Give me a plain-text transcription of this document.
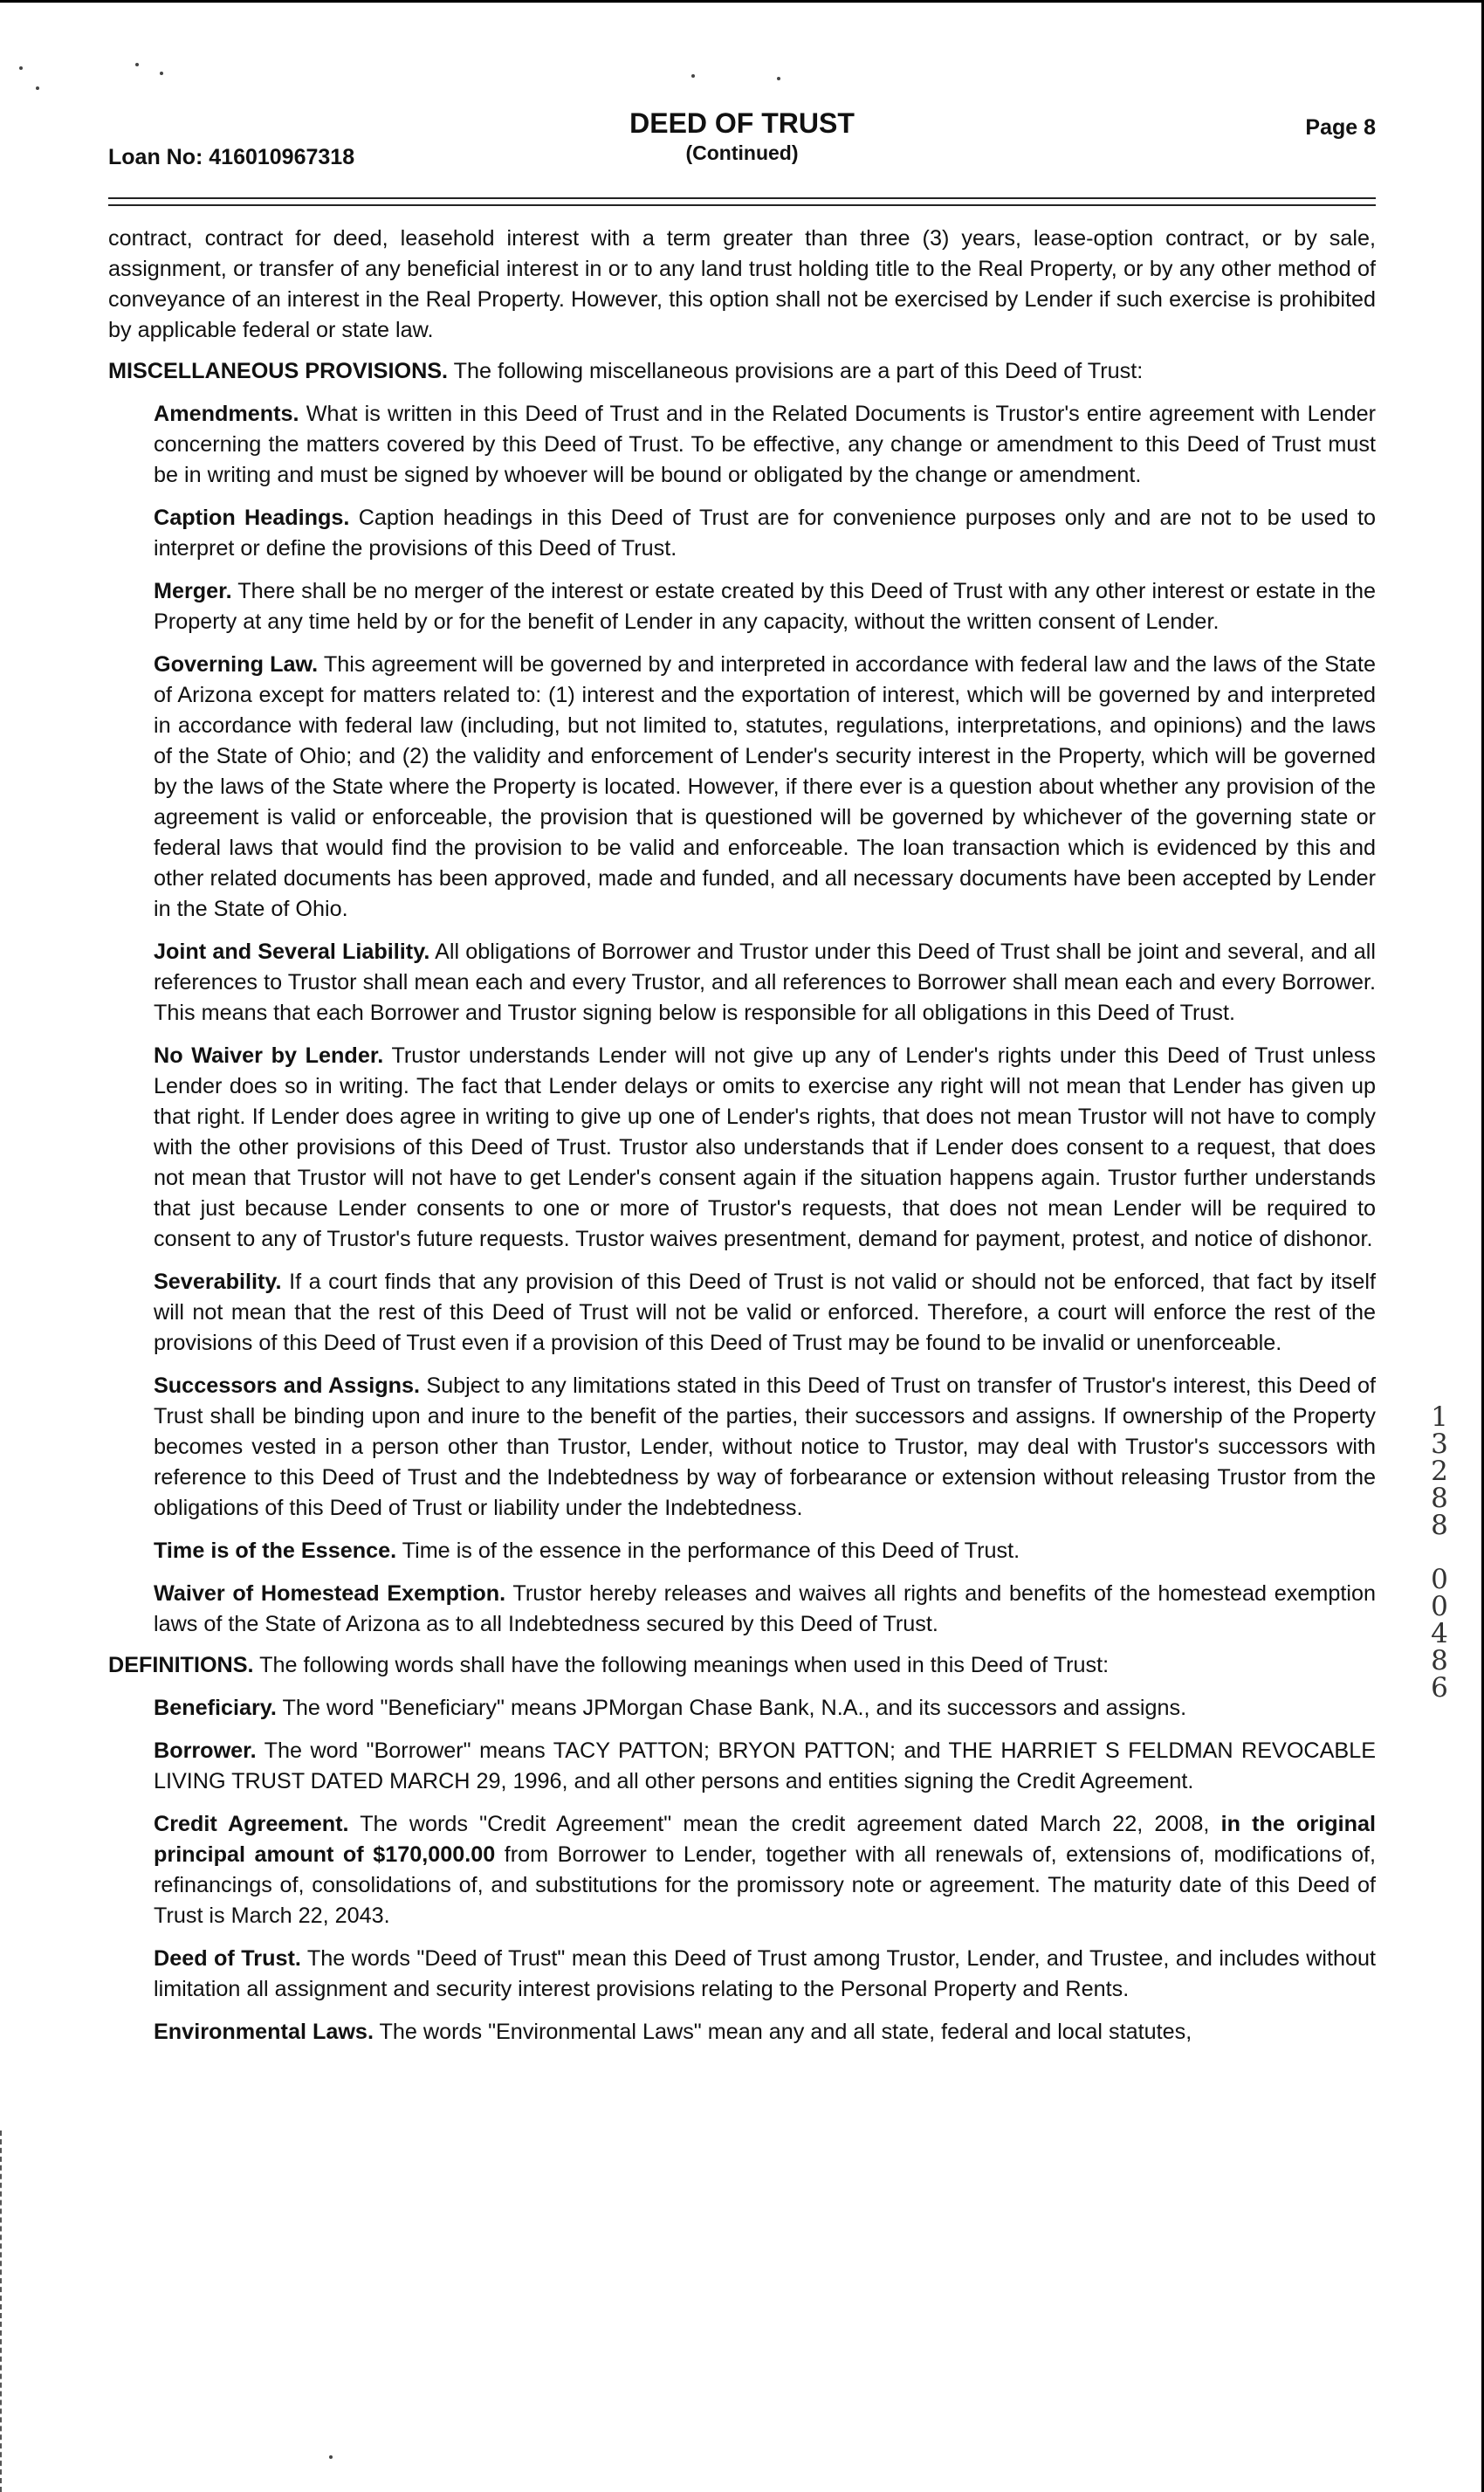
Loan No: 416010967318
DEED OF TRUST
(Continued)
Page 8

contract, contract for deed, leasehold interest with a term greater than three (3) years, lease-option contract, or by sale, assignment, or transfer of any beneficial interest in or to any land trust holding title to the Real Property, or by any other method of conveyance of an interest in the Real Property. However, this option shall not be exercised by Lender if such exercise is prohibited by applicable federal or state law.

MISCELLANEOUS PROVISIONS. The following miscellaneous provisions are a part of this Deed of Trust:

Amendments. What is written in this Deed of Trust and in the Related Documents is Trustor's entire agreement with Lender concerning the matters covered by this Deed of Trust. To be effective, any change or amendment to this Deed of Trust must be in writing and must be signed by whoever will be bound or obligated by the change or amendment.

Caption Headings. Caption headings in this Deed of Trust are for convenience purposes only and are not to be used to interpret or define the provisions of this Deed of Trust.

Merger. There shall be no merger of the interest or estate created by this Deed of Trust with any other interest or estate in the Property at any time held by or for the benefit of Lender in any capacity, without the written consent of Lender.

Governing Law. This agreement will be governed by and interpreted in accordance with federal law and the laws of the State of Arizona except for matters related to: (1) interest and the exportation of interest, which will be governed by and interpreted in accordance with federal law (including, but not limited to, statutes, regulations, interpretations, and opinions) and the laws of the State of Ohio; and (2) the validity and enforcement of Lender's security interest in the Property, which will be governed by the laws of the State where the Property is located. However, if there ever is a question about whether any provision of the agreement is valid or enforceable, the provision that is questioned will be governed by whichever of the governing state or federal laws that would find the provision to be valid and enforceable. The loan transaction which is evidenced by this and other related documents has been approved, made and funded, and all necessary documents have been accepted by Lender in the State of Ohio.

Joint and Several Liability. All obligations of Borrower and Trustor under this Deed of Trust shall be joint and several, and all references to Trustor shall mean each and every Trustor, and all references to Borrower shall mean each and every Borrower. This means that each Borrower and Trustor signing below is responsible for all obligations in this Deed of Trust.

No Waiver by Lender. Trustor understands Lender will not give up any of Lender's rights under this Deed of Trust unless Lender does so in writing. The fact that Lender delays or omits to exercise any right will not mean that Lender has given up that right. If Lender does agree in writing to give up one of Lender's rights, that does not mean Trustor will not have to comply with the other provisions of this Deed of Trust. Trustor also understands that if Lender does consent to a request, that does not mean that Trustor will not have to get Lender's consent again if the situation happens again. Trustor further understands that just because Lender consents to one or more of Trustor's requests, that does not mean Lender will be required to consent to any of Trustor's future requests. Trustor waives presentment, demand for payment, protest, and notice of dishonor.

Severability. If a court finds that any provision of this Deed of Trust is not valid or should not be enforced, that fact by itself will not mean that the rest of this Deed of Trust will not be valid or enforced. Therefore, a court will enforce the rest of the provisions of this Deed of Trust even if a provision of this Deed of Trust may be found to be invalid or unenforceable.

Successors and Assigns. Subject to any limitations stated in this Deed of Trust on transfer of Trustor's interest, this Deed of Trust shall be binding upon and inure to the benefit of the parties, their successors and assigns. If ownership of the Property becomes vested in a person other than Trustor, Lender, without notice to Trustor, may deal with Trustor's successors with reference to this Deed of Trust and the Indebtedness by way of forbearance or extension without releasing Trustor from the obligations of this Deed of Trust or liability under the Indebtedness.

Time is of the Essence. Time is of the essence in the performance of this Deed of Trust.

Waiver of Homestead Exemption. Trustor hereby releases and waives all rights and benefits of the homestead exemption laws of the State of Arizona as to all Indebtedness secured by this Deed of Trust.

DEFINITIONS. The following words shall have the following meanings when used in this Deed of Trust:

Beneficiary. The word "Beneficiary" means JPMorgan Chase Bank, N.A., and its successors and assigns.

Borrower. The word "Borrower" means TACY PATTON; BRYON PATTON; and THE HARRIET S FELDMAN REVOCABLE LIVING TRUST DATED MARCH 29, 1996, and all other persons and entities signing the Credit Agreement.

Credit Agreement. The words "Credit Agreement" mean the credit agreement dated March 22, 2008, in the original principal amount of $170,000.00 from Borrower to Lender, together with all renewals of, extensions of, modifications of, refinancings of, consolidations of, and substitutions for the promissory note or agreement. The maturity date of this Deed of Trust is March 22, 2043.

Deed of Trust. The words "Deed of Trust" mean this Deed of Trust among Trustor, Lender, and Trustee, and includes without limitation all assignment and security interest provisions relating to the Personal Property and Rents.

Environmental Laws. The words "Environmental Laws" mean any and all state, federal and local statutes,

1
3
2
8
8
0
0
4
8
6
